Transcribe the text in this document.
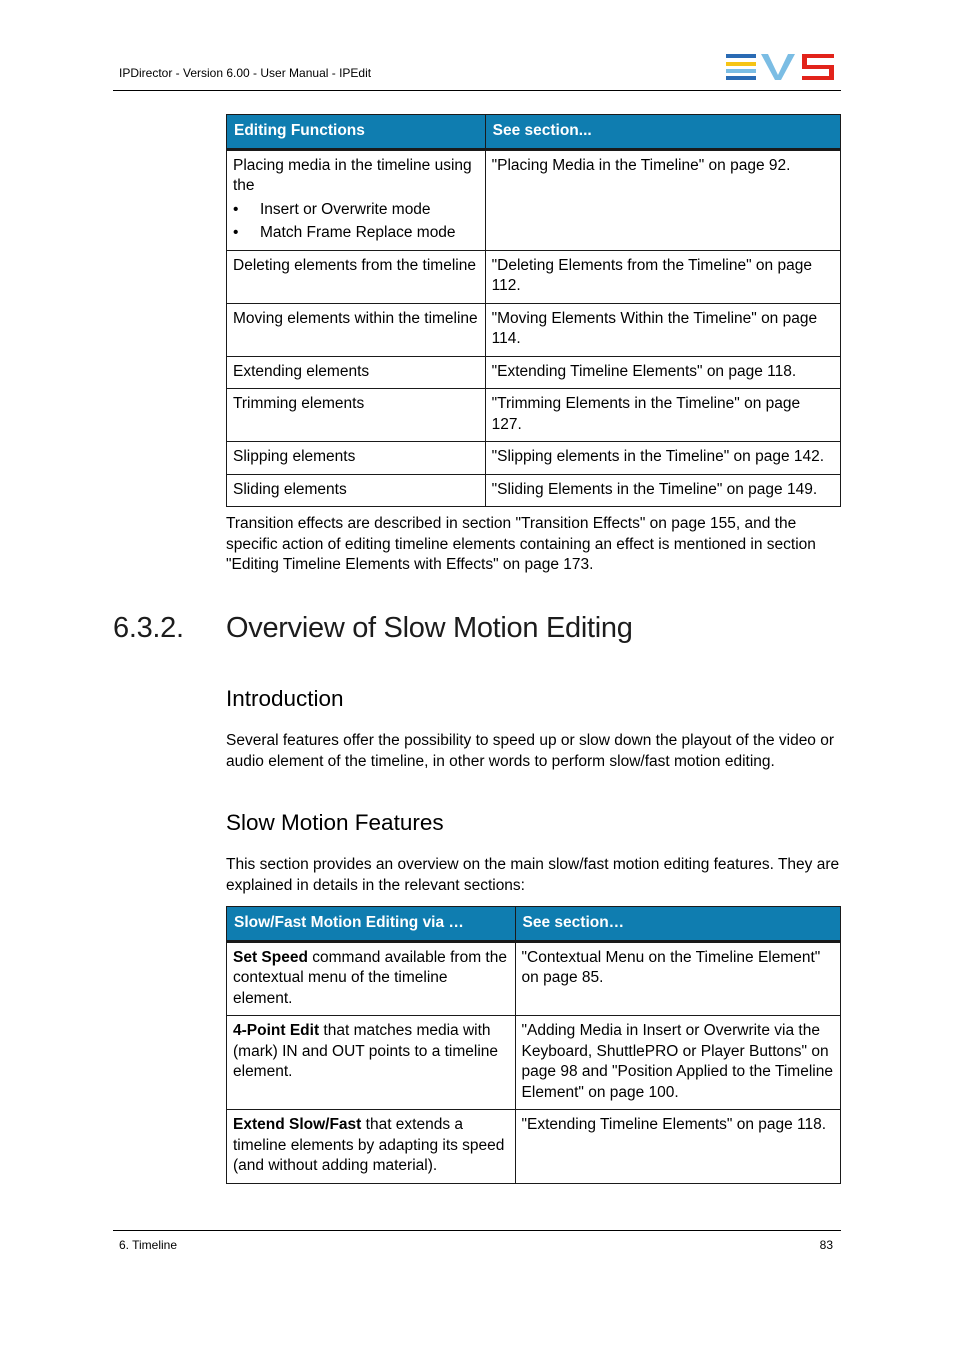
IPDirector - Version 6.00 - User Manual - IPEdit
Editing Functions	See section...

Placing media in the timeline using the
• Insert or Overwrite mode
• Match Frame Replace mode	"Placing Media in the Timeline" on page 92.
Deleting elements from the timeline	"Deleting Elements from the Timeline" on page 112.
Moving elements within the timeline	"Moving Elements Within the Timeline" on page 114.
Extending elements	"Extending Timeline Elements" on page 118.
Trimming elements	"Trimming Elements in the Timeline" on page 127.
Slipping elements	"Slipping elements in the Timeline" on page 142.
Sliding elements	"Sliding Elements in the Timeline" on page 149.
Transition effects are described in section "Transition Effects" on page 155, and the specific action of editing timeline elements containing an effect is mentioned in section "Editing Timeline Elements with Effects" on page 173.
6.3.2. Overview of Slow Motion Editing
Introduction
Several features offer the possibility to speed up or slow down the playout of the video or audio element of the timeline, in other words to perform slow/fast motion editing.
Slow Motion Features
This section provides an overview on the main slow/fast motion editing features. They are explained in details in the relevant sections:
Slow/Fast Motion Editing via …	See section…
Set Speed command available from the contextual menu of the timeline element.	"Contextual Menu on the Timeline Element" on page 85.
4-Point Edit that matches media with (mark) IN and OUT points to a timeline element.	"Adding Media in Insert or Overwrite via the Keyboard, ShuttlePRO or Player Buttons" on page 98 and "Position Applied to the Timeline Element" on page 100.
Extend Slow/Fast that extends a timeline elements by adapting its speed (and without adding material).	"Extending Timeline Elements" on page 118.
6. Timeline	83
